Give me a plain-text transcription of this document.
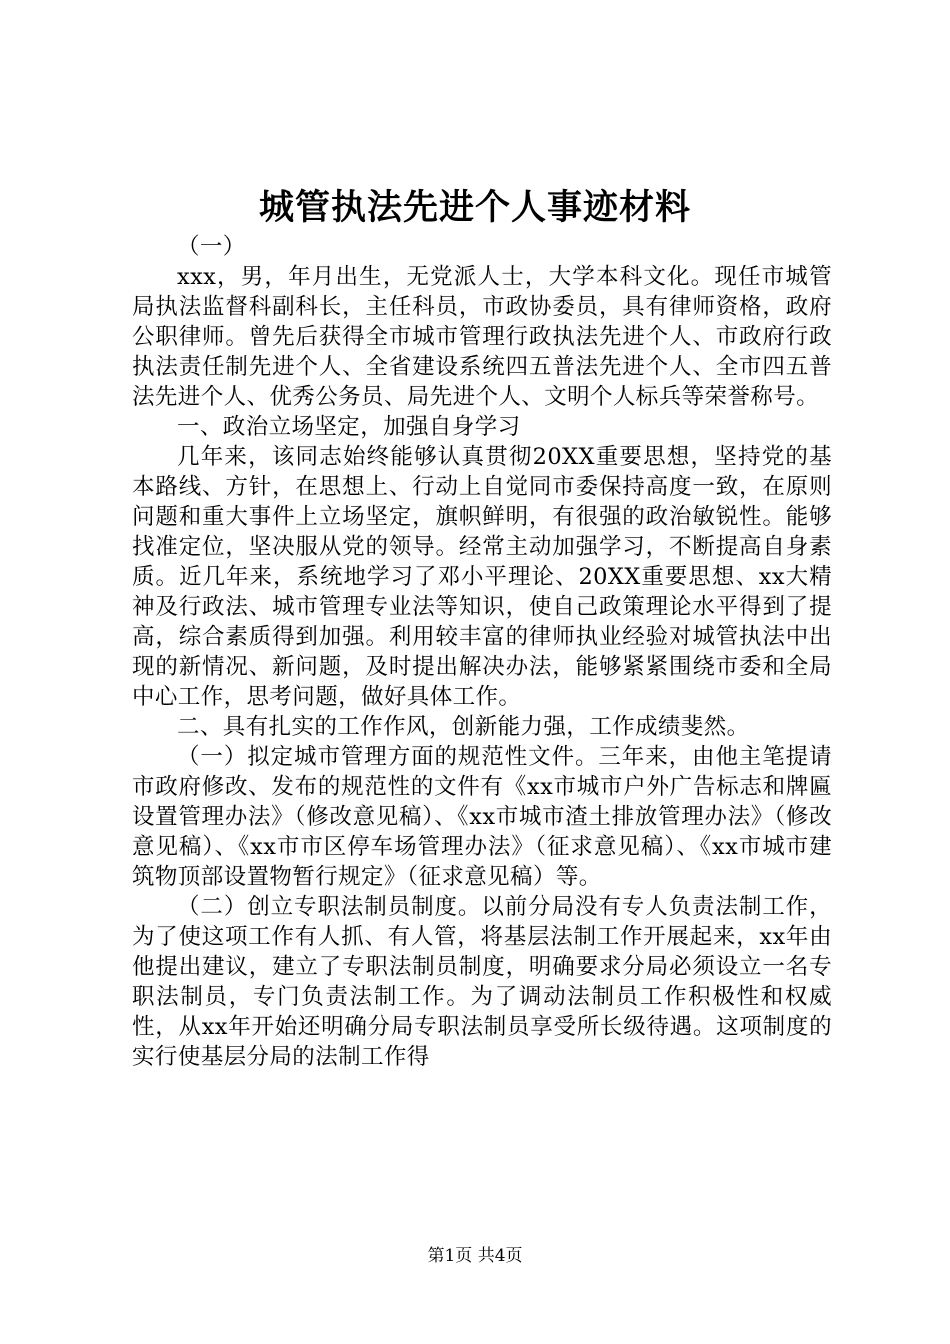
城管执法先进个人事迹材料

（一）

xxx，男，年月出生，无党派人士，大学本科文化。现任市城管局执法监督科副科长，主任科员，市政协委员，具有律师资格，政府公职律师。曾先后获得全市城市管理行政执法先进个人、市政府行政执法责任制先进个人、全省建设系统四五普法先进个人、全市四五普法先进个人、优秀公务员、局先进个人、文明个人标兵等荣誉称号。

一、政治立场坚定，加强自身学习

几年来，该同志始终能够认真贯彻20XX重要思想，坚持党的基本路线、方针，在思想上、行动上自觉同市委保持高度一致，在原则问题和重大事件上立场坚定，旗帜鲜明，有很强的政治敏锐性。能够找准定位，坚决服从党的领导。经常主动加强学习，不断提高自身素质。近几年来，系统地学习了邓小平理论、20XX重要思想、xx大精神及行政法、城市管理专业法等知识，使自己政策理论水平得到了提高，综合素质得到加强。利用较丰富的律师执业经验对城管执法中出现的新情况、新问题，及时提出解决办法，能够紧紧围绕市委和全局中心工作，思考问题，做好具体工作。

二、具有扎实的工作作风，创新能力强，工作成绩斐然。

（一）拟定城市管理方面的规范性文件。三年来，由他主笔提请市政府修改、发布的规范性的文件有《xx市城市户外广告标志和牌匾设置管理办法》（修改意见稿）、《xx市城市渣土排放管理办法》（修改意见稿）、《xx市市区停车场管理办法》（征求意见稿）、《xx市城市建筑物顶部设置物暂行规定》（征求意见稿）等。

（二）创立专职法制员制度。以前分局没有专人负责法制工作，为了使这项工作有人抓、有人管，将基层法制工作开展起来，xx年由他提出建议，建立了专职法制员制度，明确要求分局必须设立一名专职法制员，专门负责法制工作。为了调动法制员工作积极性和权威性，从xx年开始还明确分局专职法制员享受所长级待遇。这项制度的实行使基层分局的法制工作得

第1页 共4页
